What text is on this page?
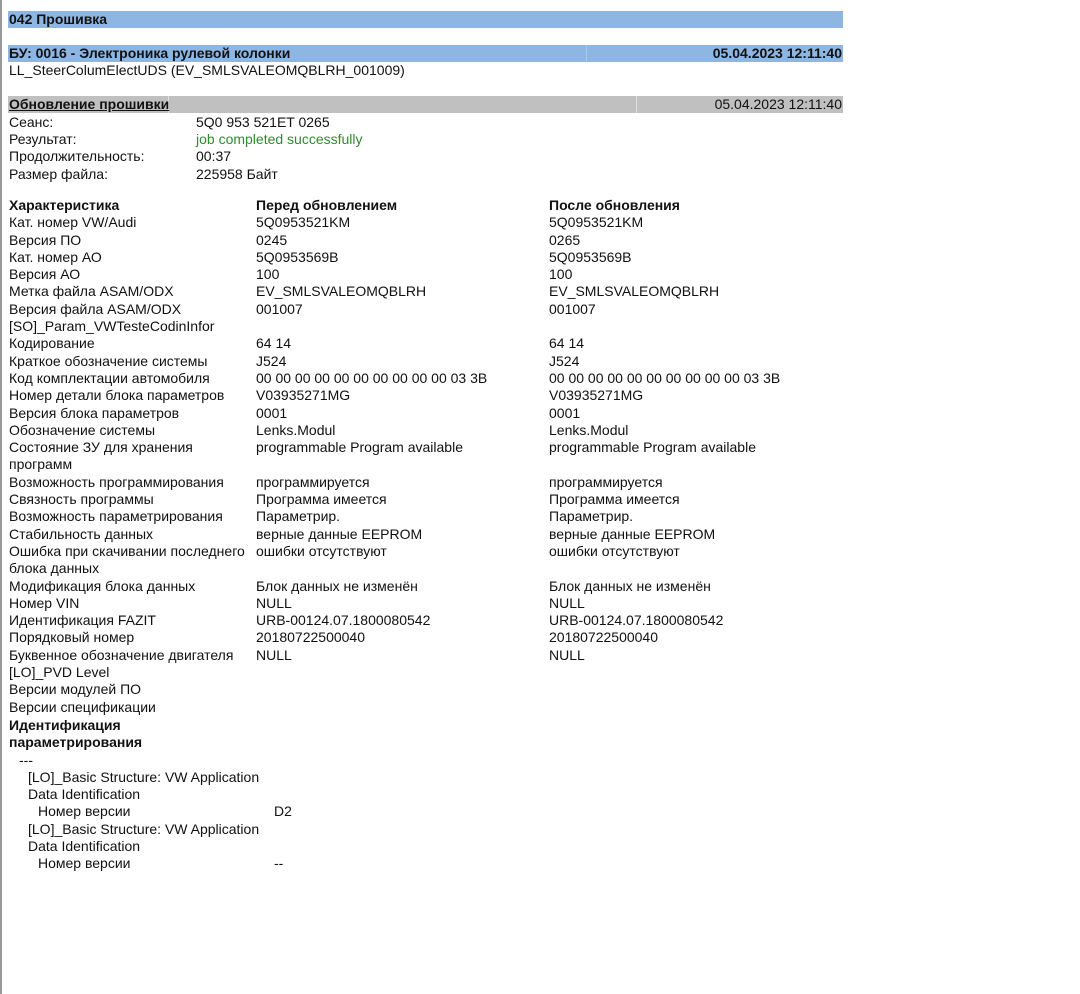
042 Прошивка
БУ: 0016 - Электроника рулевой колонки	05.04.2023 12:11:40
LL_SteerColumElectUDS (EV_SMLSVALEOMQBLRH_001009)
Обновление прошивки	05.04.2023 12:11:40
Сеанс:	5Q0 953 521ET 0265
Результат:	job completed successfully
Продолжительность:	00:37
Размер файла:	225958 Байт
Характеристика	Перед обновлением	После обновления
Кат. номер VW/Audi	5Q0953521KM	5Q0953521KM
Версия ПО	0245	0265
Кат. номер АО	5Q0953569B	5Q0953569B
Версия АО	100	100
Метка файла ASAM/ODX	EV_SMLSVALEOMQBLRH	EV_SMLSVALEOMQBLRH
Версия файла ASAM/ODX	001007	001007
[SO]_Param_VWTesteCodinInfor
Кодирование	64 14	64 14
Краткое обозначение системы	J524	J524
Код комплектации автомобиля	00 00 00 00 00 00 00 00 00 00 03 3B	00 00 00 00 00 00 00 00 00 00 03 3B
Номер детали блока параметров	V03935271MG	V03935271MG
Версия блока параметров	0001	0001
Обозначение системы	Lenks.Modul	Lenks.Modul
Состояние ЗУ для хранения программ
programmable Program available	programmable Program available
Возможность программирования	программируется	программируется
Связность программы	Программа имеется	Программа имеется
Возможность параметрирования	Параметрир.	Параметрир.
Стабильность данных	верные данные EEPROM	верные данные EEPROM
Ошибка при скачивании последнего блока данных
ошибки отсутствуют	ошибки отсутствуют
Модификация блока данных	Блок данных не изменён	Блок данных не изменён
Номер VIN	NULL	NULL
Идентификация FAZIT	URB-00124.07.1800080542	URB-00124.07.1800080542
Порядковый номер	20180722500040	20180722500040
Буквенное обозначение двигателя	NULL	NULL
[LO]_PVD Level
Версии модулей ПО
Версии спецификации
Идентификация параметрирования
---
[LO]_Basic Structure: VW Application
Data Identification
Номер версии	D2
[LO]_Basic Structure: VW Application
Data Identification
Номер версии	--
